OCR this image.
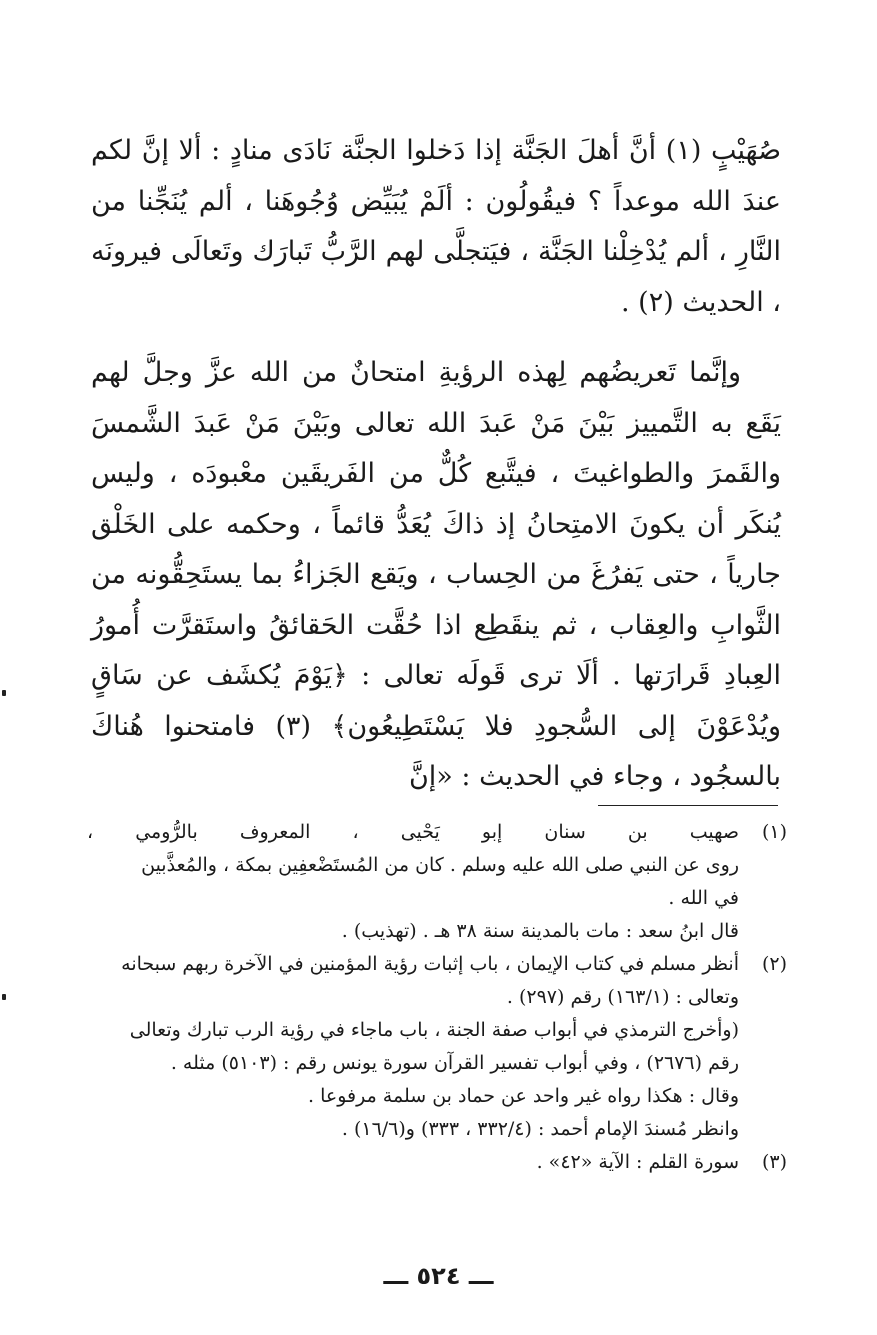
صُهَيْبٍ (١) أنَّ أهلَ الجَنَّة إذا دَخلوا الجنَّة نَادَى منادٍ : ألا إنَّ لكم عندَ الله موعداً ؟ فيقُولُون : ألَمْ يُبَيِّض وُجُوهَنا ، ألم يُنَجِّنا من النَّارِ ، ألم يُدْخِلْنا الجَنَّة ، فيَتجلَّى لهم الرَّبُّ تَبارَك وتَعالَى فيرونَه ، الحديث (٢) .

وإنَّما تَعريضُهم لِهذه الرؤيةِ امتحانٌ من الله عزَّ وجلَّ لهم يَقَع به التَّمييز بَيْنَ مَنْ عَبدَ الله تعالى وبَيْنَ مَنْ عَبدَ الشَّمسَ والقَمرَ والطواغيتَ ، فيتَّبع كُلٌّ من الفَريقَين معْبودَه ، وليس يُنكَر أن يكونَ الامتِحانُ إذ ذاكَ يُعَدُّ قائماً ، وحكمه على الخَلْق جارياً ، حتى يَفرُغَ من الحِساب ، ويَقع الجَزاءُ بما يستَحِقُّونه من الثَّوابِ والعِقاب ، ثم ينقَطِع اذا حُقَّت الحَقائقُ واستَقرَّت أُمورُ العِبادِ قَرارَتها . ألَا ترى قَولَه تعالى : ﴿يَوْمَ يُكشَف عن سَاقٍ ويُدْعَوْنَ إلى السُّجودِ فلا يَسْتَطِيعُون﴾ (٣) فامتحنوا هُناكَ بالسجُود ، وجاء في الحديث : «إنَّ

(١)

صهيب بن سنان إبو يَحْيى ، المعروف بالرُّومي ،

روى عن النبي صلى الله عليه وسلم . كان من المُستَضْعفِين بمكة ، والمُعذَّبين

في الله .

قال ابنُ سعد : مات بالمدينة سنة ٣٨ هـ . (تهذيب) .

(٢)

أنظر مسلم في كتاب الإيمان ، باب إثبات رؤية المؤمنين في الآخرة ربهم سبحانه

وتعالى : (١٦٣/١) رقم (٢٩٧) .

(وأخرج الترمذي في أبواب صفة الجنة ، باب ماجاء في رؤية الرب تبارك وتعالى

رقم (٢٦٧٦) ، وفي أبواب تفسير القرآن سورة يونس رقم : (٥١٠٣) مثله .

وقال : هكذا رواه غير واحد عن حماد بن سلمة مرفوعا .

وانظر مُسندَ الإمام أحمد : (٣٣٢/٤ ، ٣٣٣) و(١٦/٦) .

(٣)

سورة القلم : الآية «٤٢» .

ـــ ٥٢٤ ـــ
